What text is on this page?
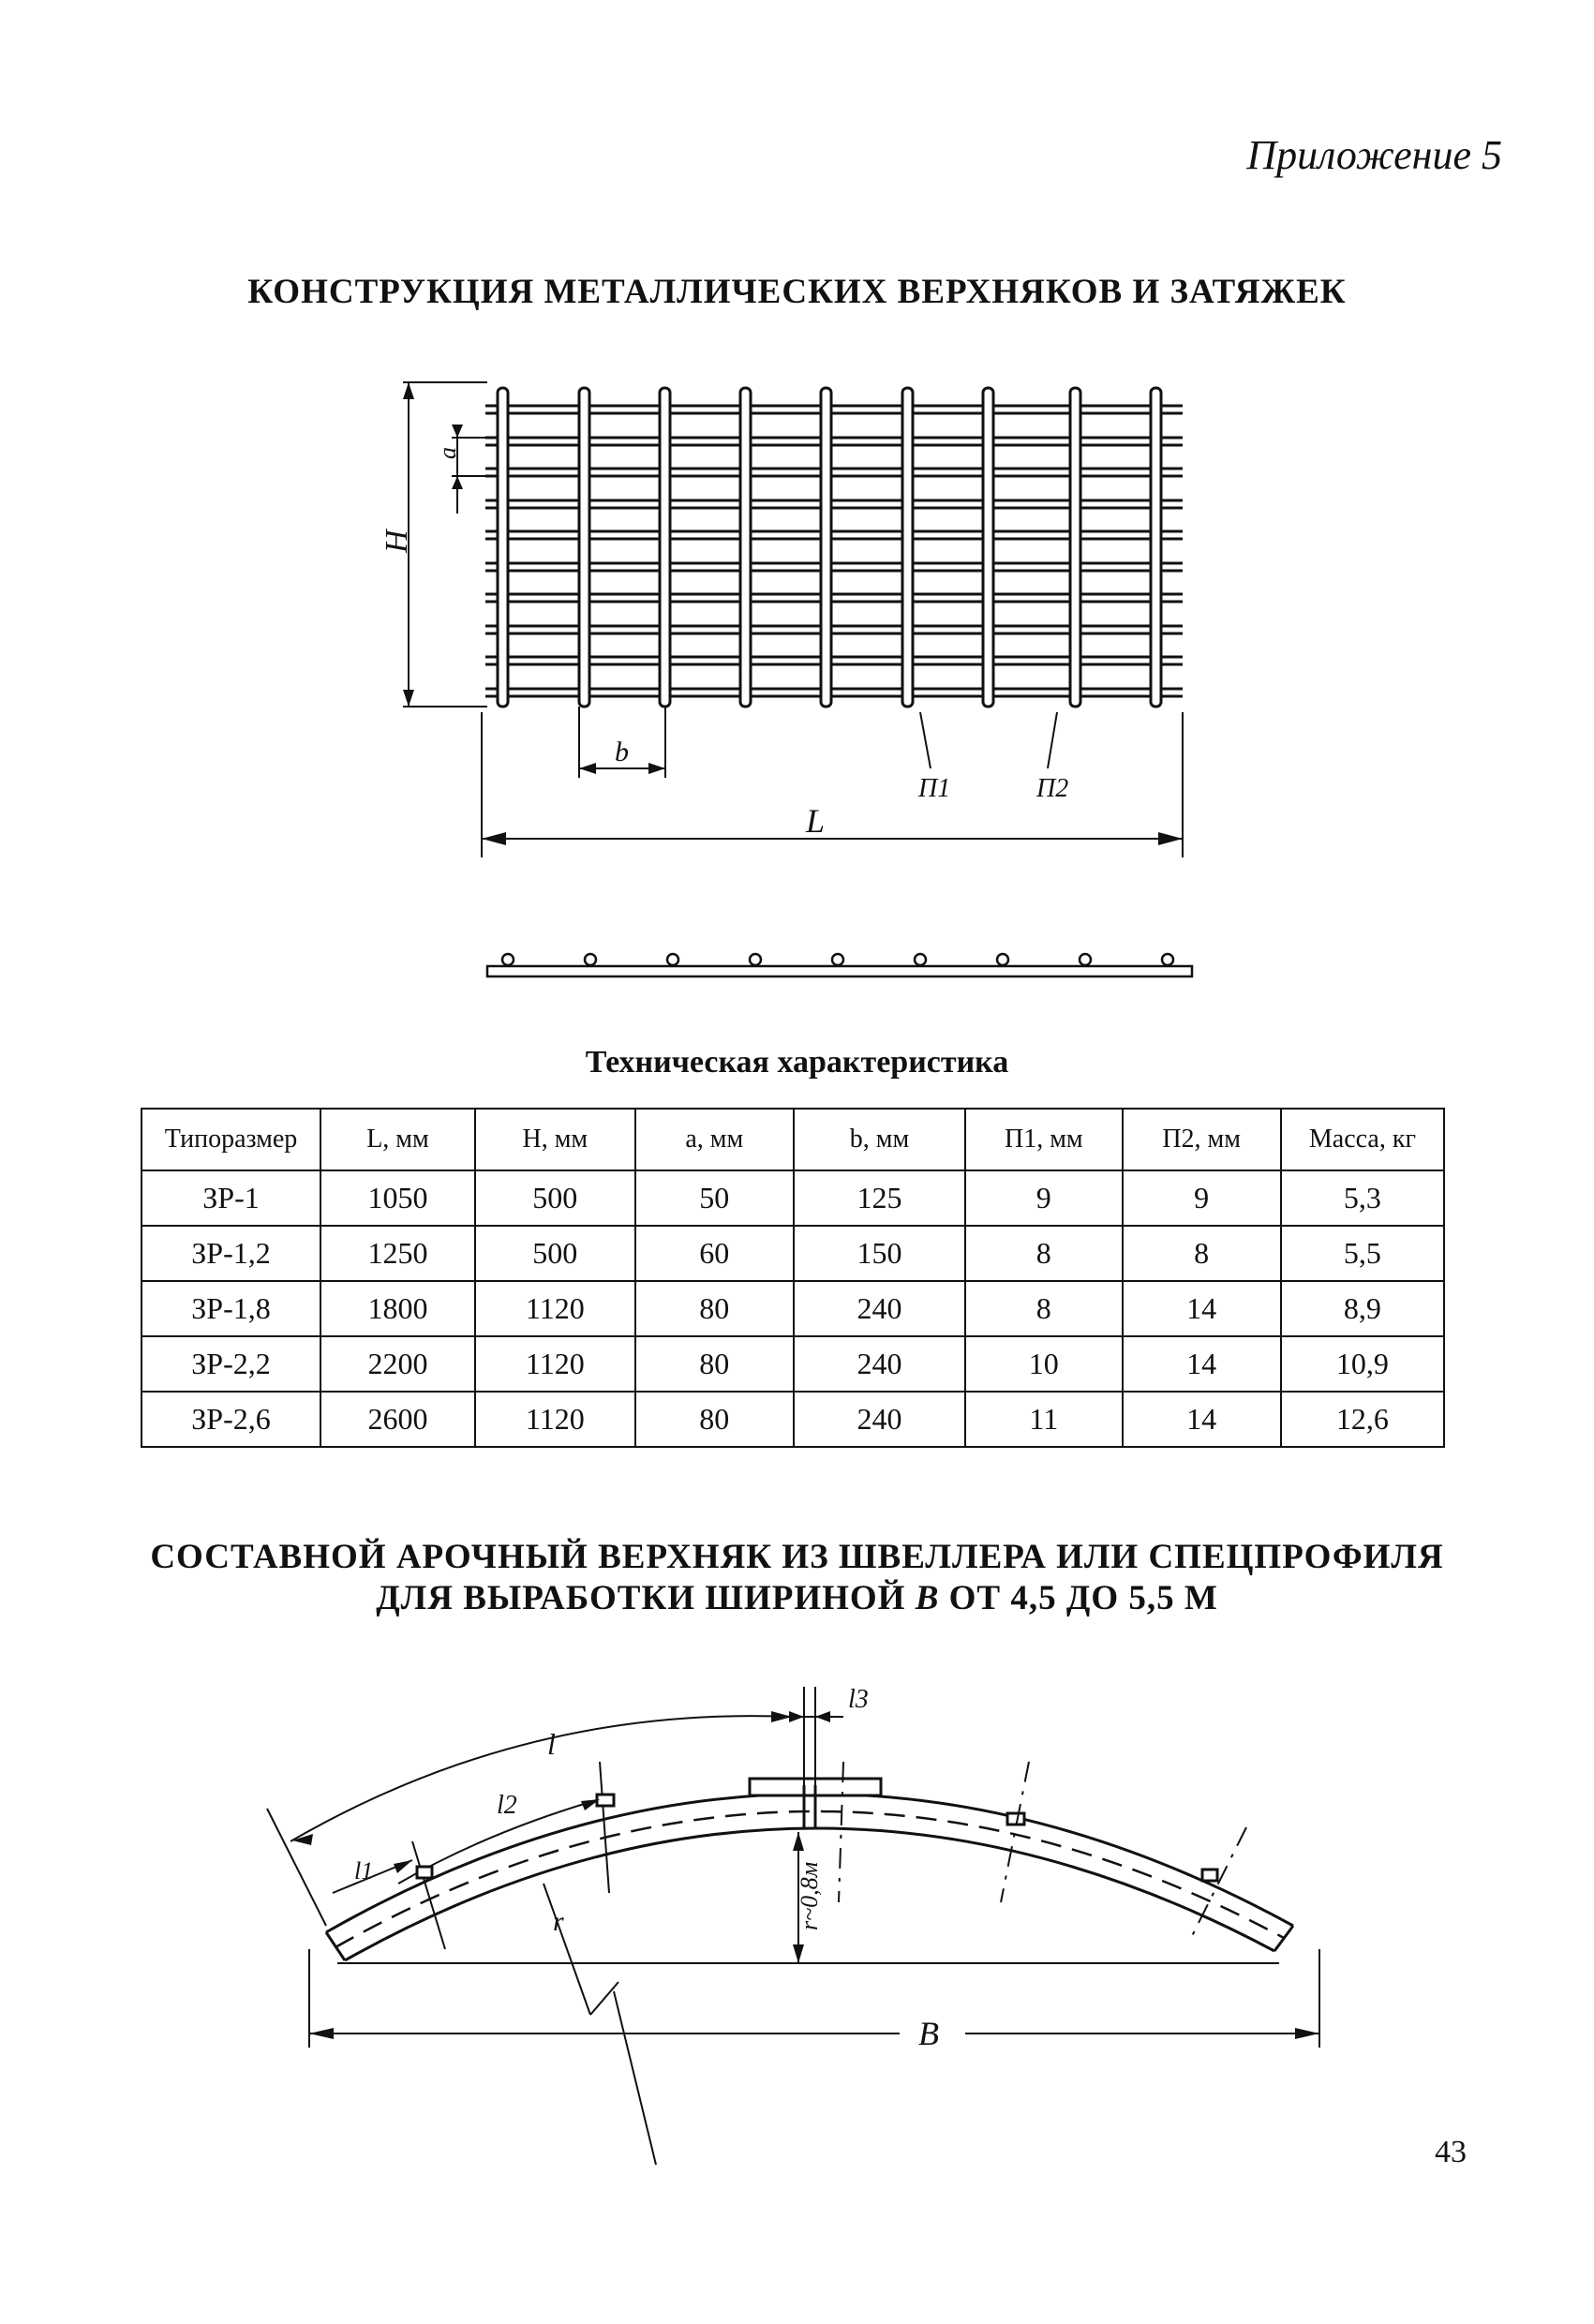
Приложение 5
КОНСТРУКЦИЯ МЕТАЛЛИЧЕСКИХ ВЕРХНЯКОВ И ЗАТЯЖЕК
H
a
b
L
П1	П2
Техническая характеристика
Типоразмер	L, мм	H, мм	a, мм	b, мм	П1, мм	П2, мм	Масса, кг
ЗР-1	1050	500	50	125	9	9	5,3
ЗР-1,2	1250	500	60	150	8	8	5,5
ЗР-1,8	1800	1120	80	240	8	14	8,9
ЗР-2,2	2200	1120	80	240	10	14	10,9
ЗР-2,6	2600	1120	80	240	11	14	12,6
СОСТАВНОЙ АРОЧНЫЙ ВЕРХНЯК ИЗ ШВЕЛЛЕРА ИЛИ СПЕЦПРОФИЛЯ
ДЛЯ ВЫРАБОТКИ ШИРИНОЙ B ОТ 4,5 ДО 5,5 М
l
l2
l1
l3
r	r~0,8м
B
43
